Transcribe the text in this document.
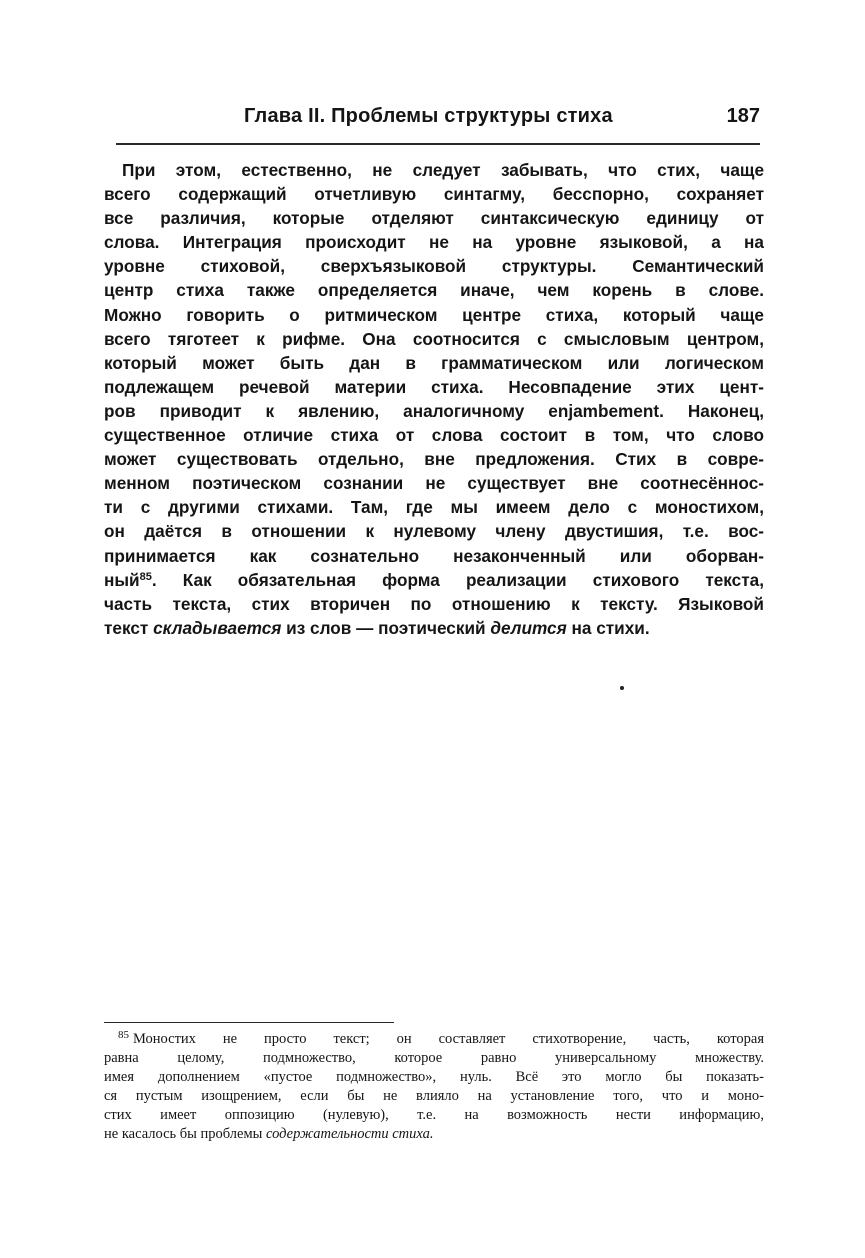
Глава II. Проблемы структуры стиха	187

При этом, естественно, не следует забывать, что стих, чаще
всего содержащий отчетливую синтагму, бесспорно, сохраняет
все различия, которые отделяют синтаксическую единицу от
слова. Интеграция происходит не на уровне языковой, а на
уровне стиховой, сверхъязыковой структуры. Семантический
центр стиха также определяется иначе, чем корень в слове.
Можно говорить о ритмическом центре стиха, который чаще
всего тяготеет к рифме. Она соотносится с смысловым центром,
который может быть дан в грамматическом или логическом
подлежащем речевой материи стиха. Несовпадение этих цент-
ров приводит к явлению, аналогичному enjambement. Наконец,
существенное отличие стиха от слова состоит в том, что слово
может существовать отдельно, вне предложения. Стих в совре-
менном поэтическом сознании не существует вне соотнесённос-
ти с другими стихами. Там, где мы имеем дело с моностихом,
он даётся в отношении к нулевому члену двустишия, т.е. вос-
принимается как сознательно незаконченный или оборван-
ный$^{85}$. Как обязательная форма реализации стихового текста,
часть текста, стих вторичен по отношению к тексту. Языковой
текст складывается из слов — поэтический делится на стихи.

$^{85}$ Моностих не просто текст; он составляет стихотворение, часть, которая
равна целому, подмножество, которое равно универсальному множеству.
имея дополнением «пустое подмножество», нуль. Всё это могло бы показать-
ся пустым изощрением, если бы не влияло на установление того, что и моно-
стих имеет оппозицию (нулевую), т.е. на возможность нести информацию,
не касалось бы проблемы содержательности стиха.
